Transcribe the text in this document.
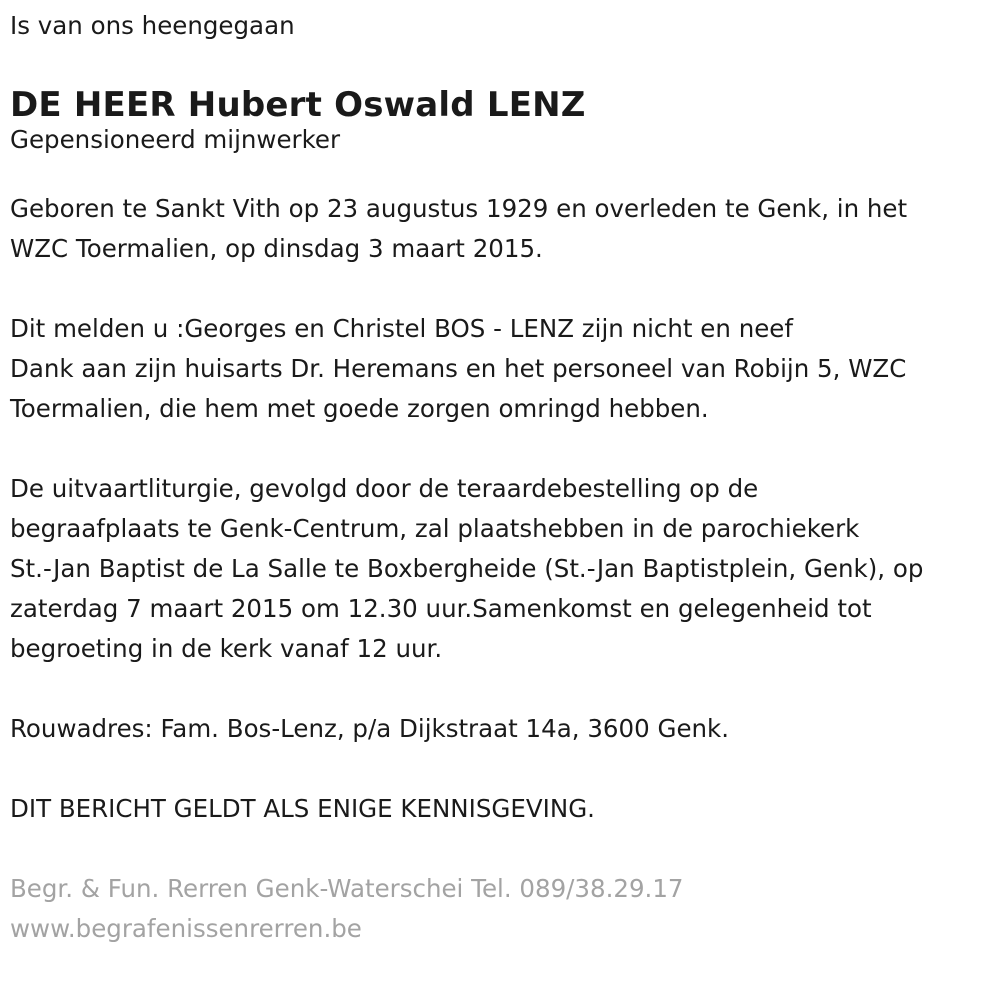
Is van ons heengegaan

DE HEER Hubert Oswald LENZ

Gepensioneerd mijnwerker

Geboren te Sankt Vith op 23 augustus 1929 en overleden te Genk, in het
WZC Toermalien, op dinsdag 3 maart 2015.

Dit melden u :Georges en Christel BOS - LENZ zijn nicht en neef
Dank aan zijn huisarts Dr. Heremans en het personeel van Robijn 5, WZC
Toermalien, die hem met goede zorgen omringd hebben.

De uitvaartliturgie, gevolgd door de teraardebestelling op de
begraafplaats te Genk-Centrum, zal plaatshebben in de parochiekerk
St.-Jan Baptist de La Salle te Boxbergheide (St.-Jan Baptistplein, Genk), op
zaterdag 7 maart 2015 om 12.30 uur.Samenkomst en gelegenheid tot
begroeting in de kerk vanaf 12 uur.

Rouwadres: Fam. Bos-Lenz, p/a Dijkstraat 14a, 3600 Genk.

DIT BERICHT GELDT ALS ENIGE KENNISGEVING.

Begr. & Fun. Rerren Genk-Waterschei Tel. 089/38.29.17
www.begrafenissenrerren.be
